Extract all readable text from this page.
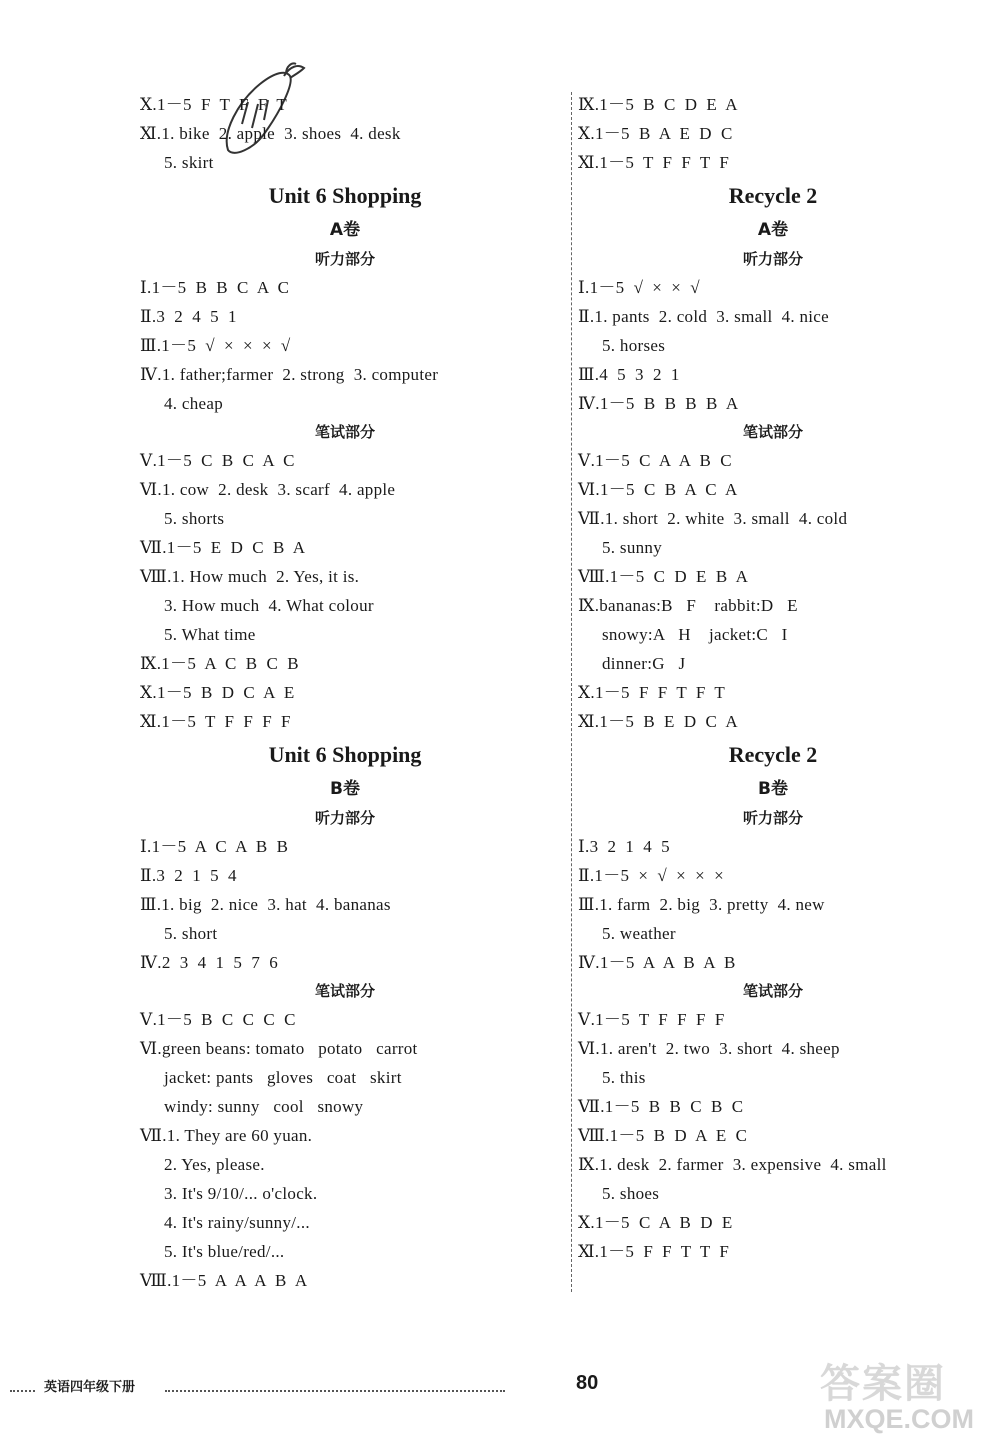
Ⅹ.1－5  F  T  F  F  T
Ⅺ.1. bike  2. apple  3. shoes  4. desk
5. skirt
Unit 6 Shopping
A卷
听力部分
Ⅰ.1－5  B  B  C  A  C
Ⅱ.3  2  4  5  1
Ⅲ.1－5  √  ×  ×  ×  √
Ⅳ.1. father;farmer  2. strong  3. computer
4. cheap
笔试部分
Ⅴ.1－5  C  B  C  A  C
Ⅵ.1. cow  2. desk  3. scarf  4. apple
5. shorts
Ⅶ.1－5  E  D  C  B  A
Ⅷ.1. How much  2. Yes, it is.
3. How much  4. What colour
5. What time
Ⅸ.1－5  A  C  B  C  B
Ⅹ.1－5  B  D  C  A  E
Ⅺ.1－5  T  F  F  F  F
Unit 6 Shopping
B卷
听力部分
Ⅰ.1－5  A  C  A  B  B
Ⅱ.3  2  1  5  4
Ⅲ.1. big  2. nice  3. hat  4. bananas
5. short
Ⅳ.2  3  4  1  5  7  6
笔试部分
Ⅴ.1－5  B  C  C  C  C
Ⅵ.green beans: tomato   potato   carrot
jacket: pants   gloves   coat   skirt
windy: sunny   cool   snowy
Ⅶ.1. They are 60 yuan.
2. Yes, please.
3. It's 9/10/... o'clock.
4. It's rainy/sunny/...
5. It's blue/red/...
Ⅷ.1－5  A  A  A  B  A
Ⅸ.1－5  B  C  D  E  A
Ⅹ.1－5  B  A  E  D  C
Ⅺ.1－5  T  F  F  T  F
Recycle 2
A卷
听力部分
Ⅰ.1－5  √  ×  ×  √
Ⅱ.1. pants  2. cold  3. small  4. nice
5. horses
Ⅲ.4  5  3  2  1
Ⅳ.1－5  B  B  B  B  A
笔试部分
Ⅴ.1－5  C  A  A  B  C
Ⅵ.1－5  C  B  A  C  A
Ⅶ.1. short  2. white  3. small  4. cold
5. sunny
Ⅷ.1－5  C  D  E  B  A
Ⅸ.bananas:B   F    rabbit:D   E
snowy:A   H    jacket:C   I
dinner:G   J
Ⅹ.1－5  F  F  T  F  T
Ⅺ.1－5  B  E  D  C  A
Recycle 2
B卷
听力部分
Ⅰ.3  2  1  4  5
Ⅱ.1－5  ×  √  ×  ×  ×
Ⅲ.1. farm  2. big  3. pretty  4. new
5. weather
Ⅳ.1－5  A  A  B  A  B
笔试部分
Ⅴ.1－5  T  F  F  F  F
Ⅵ.1. aren't  2. two  3. short  4. sheep
5. this
Ⅶ.1－5  B  B  C  B  C
Ⅷ.1－5  B  D  A  E  C
Ⅸ.1. desk  2. farmer  3. expensive  4. small
5. shoes
Ⅹ.1－5  C  A  B  D  E
Ⅺ.1－5  F  F  T  T  F
英语四年级下册	80	答案圈
MXQE.COM
